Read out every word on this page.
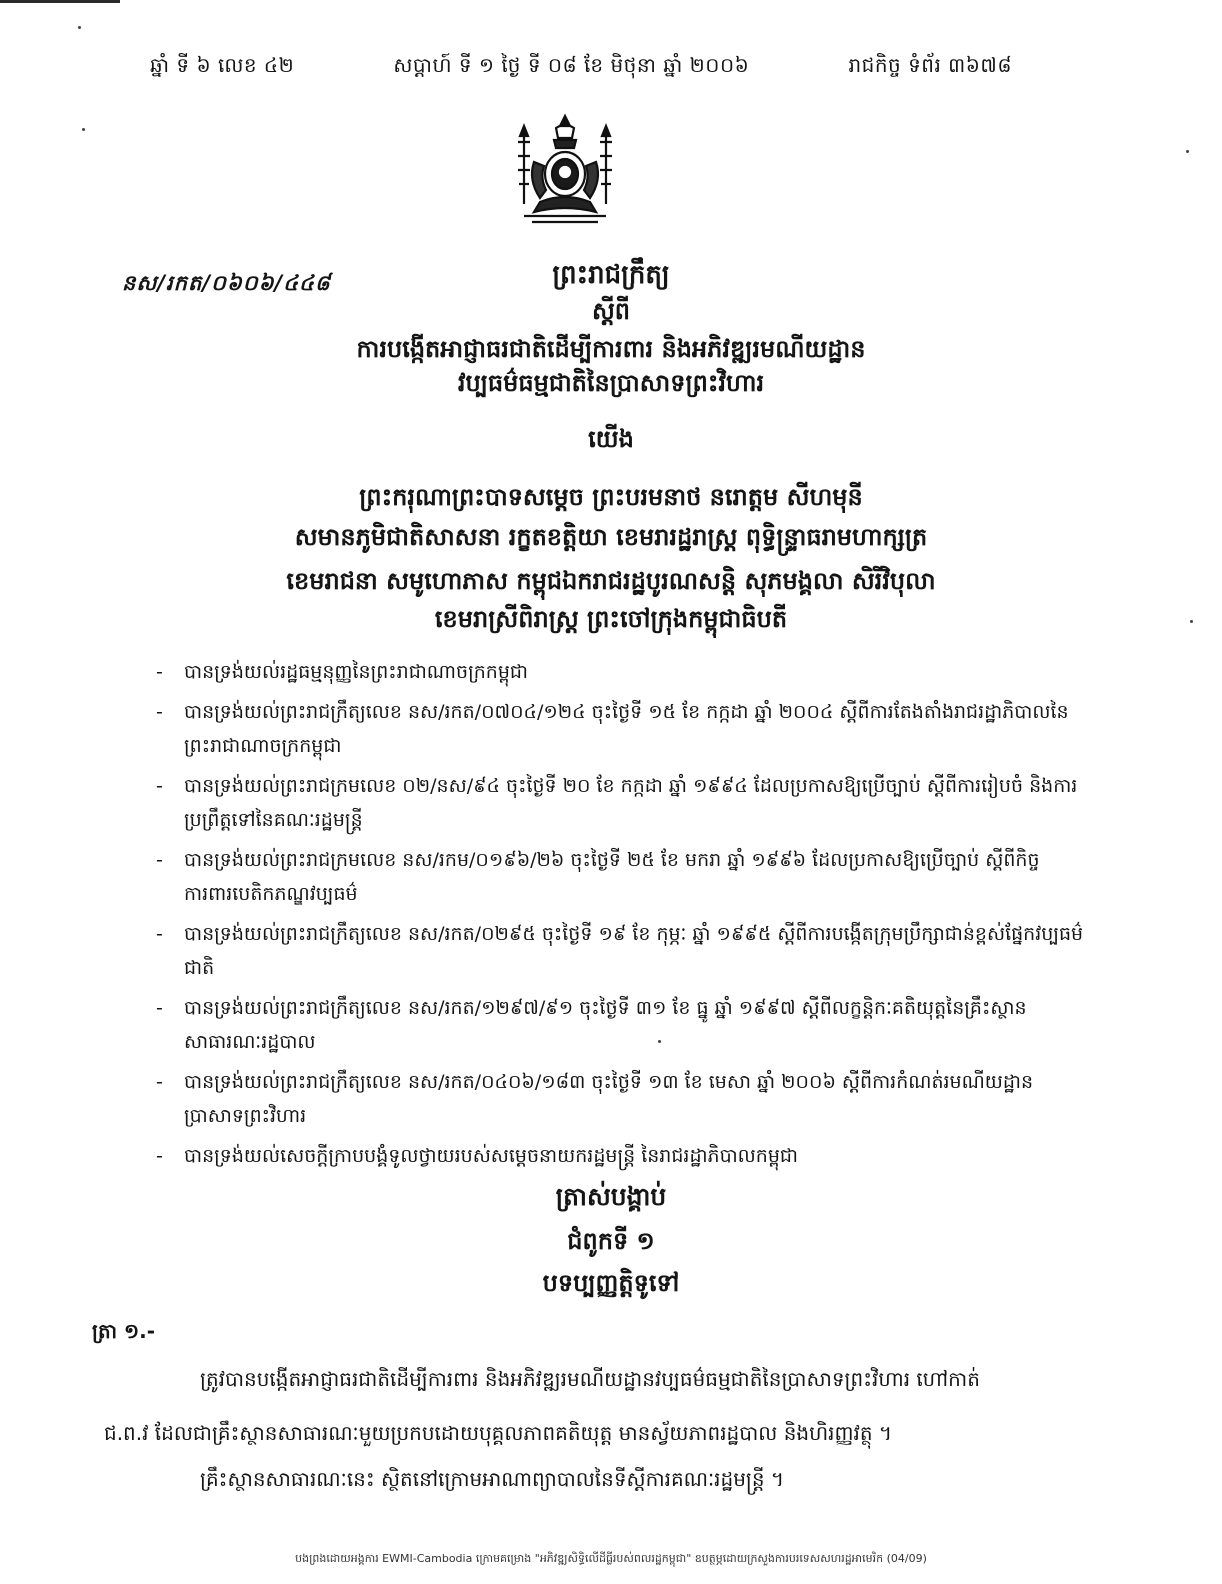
ឆ្នាំ ទី ៦ លេខ ៤២	សប្តាហ៍ ទី ១ ថ្ងៃ ទី ០៨ ខែ មិថុនា ឆ្នាំ ២០០៦	រាជកិច្ច ទំព័រ ៣៦៧៨
នស/រកត/០៦០៦/៤៤៨	ព្រះរាជក្រឹត្យ
ស្តីពី
ការបង្កើតអាជ្ញាធរជាតិដើម្បីការពារ និងអភិវឌ្ឍរមណីយដ្ឋាន
វប្បធម៌ធម្មជាតិនៃប្រាសាទព្រះវិហារ
យើង
ព្រះករុណាព្រះបាទសម្តេច ព្រះបរមនាថ នរោត្តម សីហមុនី
សមានភូមិជាតិសាសនា រក្ខតខត្តិយា ខេមរារដ្ឋរាស្ត្រ ពុទ្ធិន្ទ្រាធរាមហាក្សត្រ
ខេមរាជនា សមូហោភាស កម្ពុជឯករាជរដ្ឋបូរណសន្តិ សុភមង្គលា សិរីវិបុលា
ខេមរាស្រីពិរាស្ត្រ ព្រះចៅក្រុងកម្ពុជាធិបតី
- បានទ្រង់យល់រដ្ឋធម្មនុញ្ញនៃព្រះរាជាណាចក្រកម្ពុជា
- បានទ្រង់យល់ព្រះរាជក្រឹត្យលេខ នស/រកត/០៧០៤/១២៤ ចុះថ្ងៃទី ១៥ ខែ កក្កដា ឆ្នាំ ២០០៤ ស្តីពីការតែងតាំងរាជរដ្ឋាភិបាលនៃព្រះរាជាណាចក្រកម្ពុជា
- បានទ្រង់យល់ព្រះរាជក្រមលេខ ០២/នស/៩៤ ចុះថ្ងៃទី ២០ ខែ កក្កដា ឆ្នាំ ១៩៩៤ ដែលប្រកាសឱ្យប្រើច្បាប់ ស្តីពីការរៀបចំ និងការប្រព្រឹត្តទៅនៃគណៈរដ្ឋមន្ត្រី
- បានទ្រង់យល់ព្រះរាជក្រមលេខ នស/រកម/០១៩៦/២៦ ចុះថ្ងៃទី ២៥ ខែ មករា ឆ្នាំ ១៩៩៦ ដែលប្រកាសឱ្យប្រើច្បាប់ ស្តីពីកិច្ចការពារបេតិកភណ្ឌវប្បធម៌
- បានទ្រង់យល់ព្រះរាជក្រឹត្យលេខ នស/រកត/០២៩៥ ចុះថ្ងៃទី ១៩ ខែ កុម្ភៈ ឆ្នាំ ១៩៩៥ ស្តីពីការបង្កើតក្រុមប្រឹក្សាជាន់ខ្ពស់ផ្នែកវប្បធម៌ជាតិ
- បានទ្រង់យល់ព្រះរាជក្រឹត្យលេខ នស/រកត/១២៩៧/៩១ ចុះថ្ងៃទី ៣១ ខែ ធ្នូ ឆ្នាំ ១៩៩៧ ស្តីពីលក្ខន្តិកៈគតិយុត្តនៃគ្រឹះស្ថានសាធារណៈរដ្ឋបាល
- បានទ្រង់យល់ព្រះរាជក្រឹត្យលេខ នស/រកត/០៤០៦/១៨៣ ចុះថ្ងៃទី ១៣ ខែ មេសា ឆ្នាំ ២០០៦ ស្តីពីការកំណត់រមណីយដ្ឋានប្រាសាទព្រះវិហារ
- បានទ្រង់យល់សេចក្តីក្រាបបង្គំទូលថ្វាយរបស់សម្តេចនាយករដ្ឋមន្ត្រី នៃរាជរដ្ឋាភិបាលកម្ពុជា
ត្រាស់បង្គាប់
ជំពូកទី ១
បទប្បញ្ញត្តិទូទៅ
ត្រា ១.-
ត្រូវបានបង្កើតអាជ្ញាធរជាតិដើម្បីការពារ និងអភិវឌ្ឍរមណីយដ្ឋានវប្បធម៌ធម្មជាតិនៃប្រាសាទព្រះវិហារ ហៅកាត់
ជ.ព.វ ដែលជាគ្រឹះស្ថានសាធារណៈមួយប្រកបដោយបុគ្គលភាពគតិយុត្ត មានស្វ័យភាពរដ្ឋបាល និងហិរញ្ញវត្ថុ ។
គ្រឹះស្ថានសាធារណៈនេះ ស្ថិតនៅក្រោមអាណាព្យាបាលនៃទីស្តីការគណៈរដ្ឋមន្ត្រី ។
បងព្រងដោយអង្គការ EWMI-Cambodia ក្រោមគម្រោង "អភិវឌ្ឍសិទ្ធិលើដីធ្លីរបស់ពលរដ្ឋកម្ពុជា" ឧបត្ថម្ភដោយក្រសួងការបរទេសសហរដ្ឋអាមេរិក (04/09)
